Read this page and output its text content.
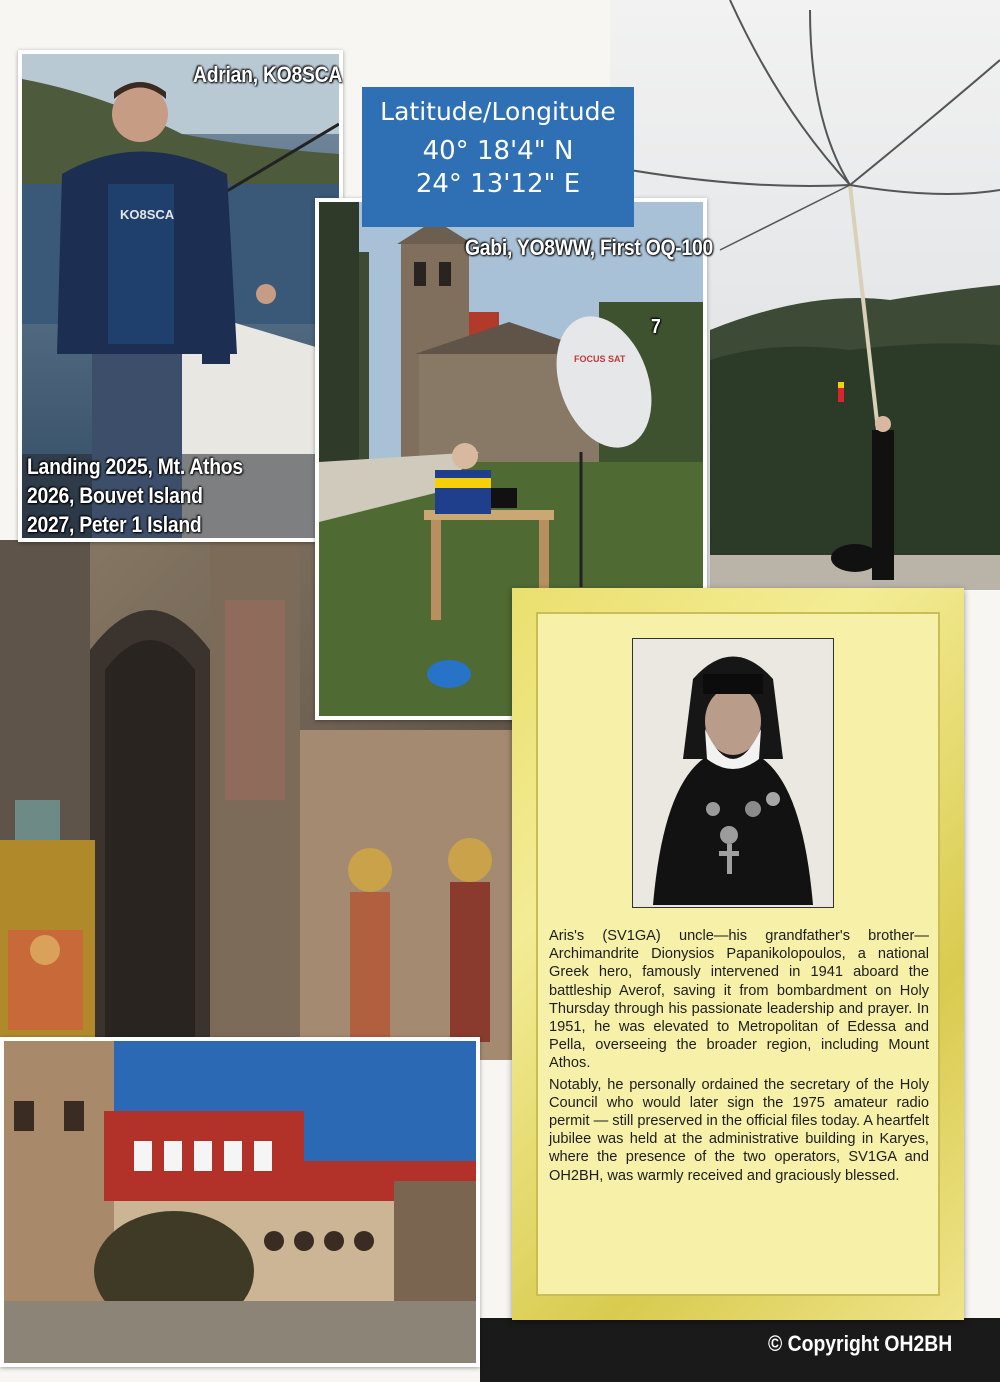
KO8SCA
Adrian, KO8SCA
Landing 2025, Mt. Athos
2026, Bouvet Island
2027, Peter 1 Island
FOCUS SAT
Gabi, YO8WW, First OQ-100
7
Latitude/Longitude
40° 18'4" N
24° 13'12" E

Aris's (SV1GA) uncle—his grandfather's brother—Archimandrite Dionysios Papanikolopoulos, a national Greek hero, famously intervened in 1941 aboard the battleship Averof, saving it from bombardment on Holy Thursday through his passionate leadership and prayer. In 1951, he was elevated to Metropolitan of Edessa and Pella, overseeing the broader region, including Mount Athos.

Notably, he personally ordained the secretary of the Holy Council who would later sign the 1975 amateur radio permit — still preserved in the official files today. A heartfelt jubilee was held at the administrative building in Karyes, where the presence of the two operators, SV1GA and OH2BH, was warmly received and graciously blessed.

© Copyright OH2BH
